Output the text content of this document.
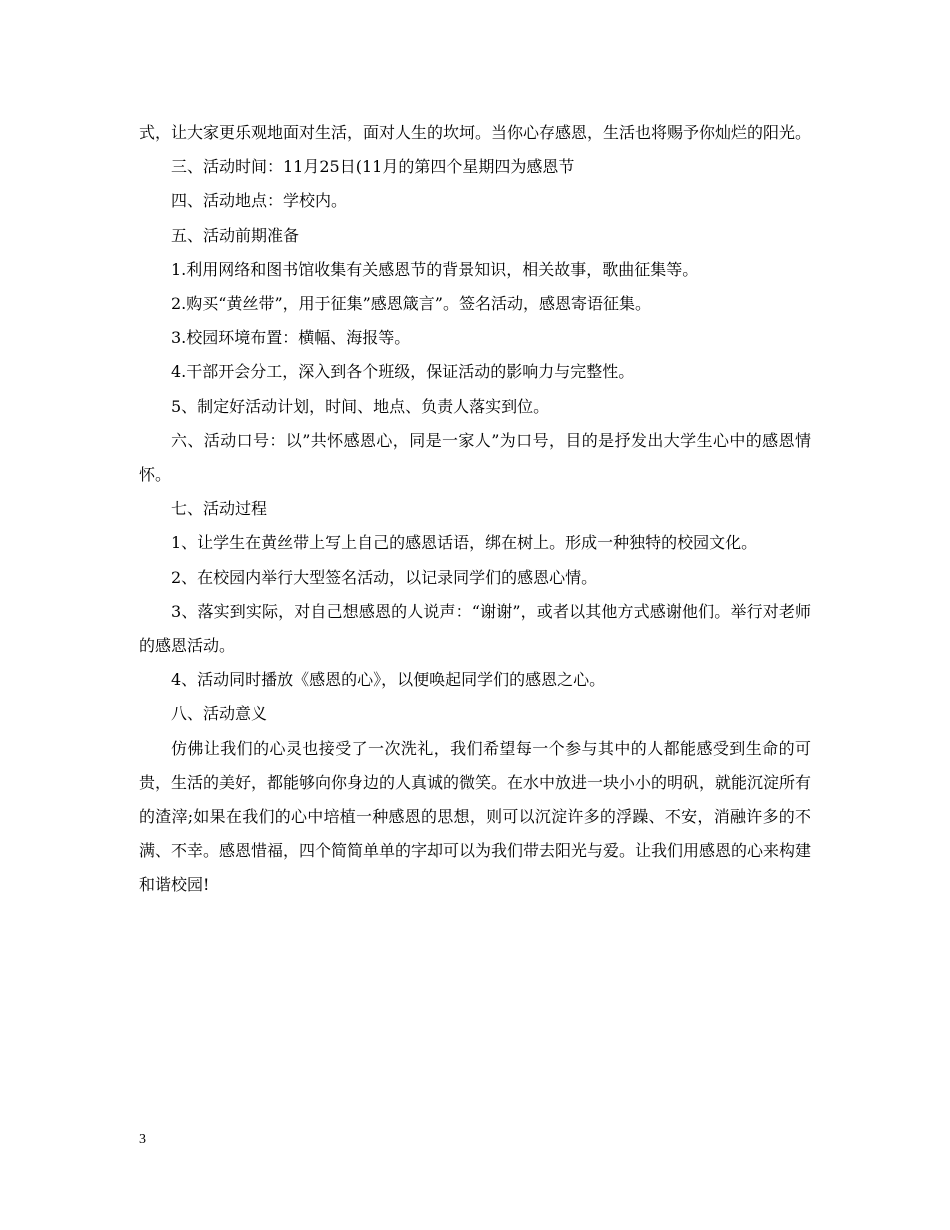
式，让大家更乐观地面对生活，面对人生的坎坷。当你心存感恩，生活也将赐予你灿烂的阳光。

三、活动时间：11月25日(11月的第四个星期四为感恩节

四、活动地点：学校内。

五、活动前期准备

1.利用网络和图书馆收集有关感恩节的背景知识，相关故事，歌曲征集等。

2.购买“黄丝带”，用于征集”感恩箴言”。签名活动，感恩寄语征集。

3.校园环境布置：横幅、海报等。

4.干部开会分工，深入到各个班级，保证活动的影响力与完整性。

5、制定好活动计划，时间、地点、负责人落实到位。

六、活动口号：以”共怀感恩心，同是一家人”为口号，目的是抒发出大学生心中的感恩情怀。

七、活动过程

1、让学生在黄丝带上写上自己的感恩话语，绑在树上。形成一种独特的校园文化。

2、在校园内举行大型签名活动，以记录同学们的感恩心情。

3、落实到实际，对自己想感恩的人说声：“谢谢”，或者以其他方式感谢他们。举行对老师的感恩活动。

4、活动同时播放《感恩的心》，以便唤起同学们的感恩之心。

八、活动意义

仿佛让我们的心灵也接受了一次洗礼，我们希望每一个参与其中的人都能感受到生命的可贵，生活的美好，都能够向你身边的人真诚的微笑。在水中放进一块小小的明矾，就能沉淀所有的渣滓;如果在我们的心中培植一种感恩的思想，则可以沉淀许多的浮躁、不安，消融许多的不满、不幸。感恩惜福，四个简简单单的字却可以为我们带去阳光与爱。让我们用感恩的心来构建和谐校园!

3
